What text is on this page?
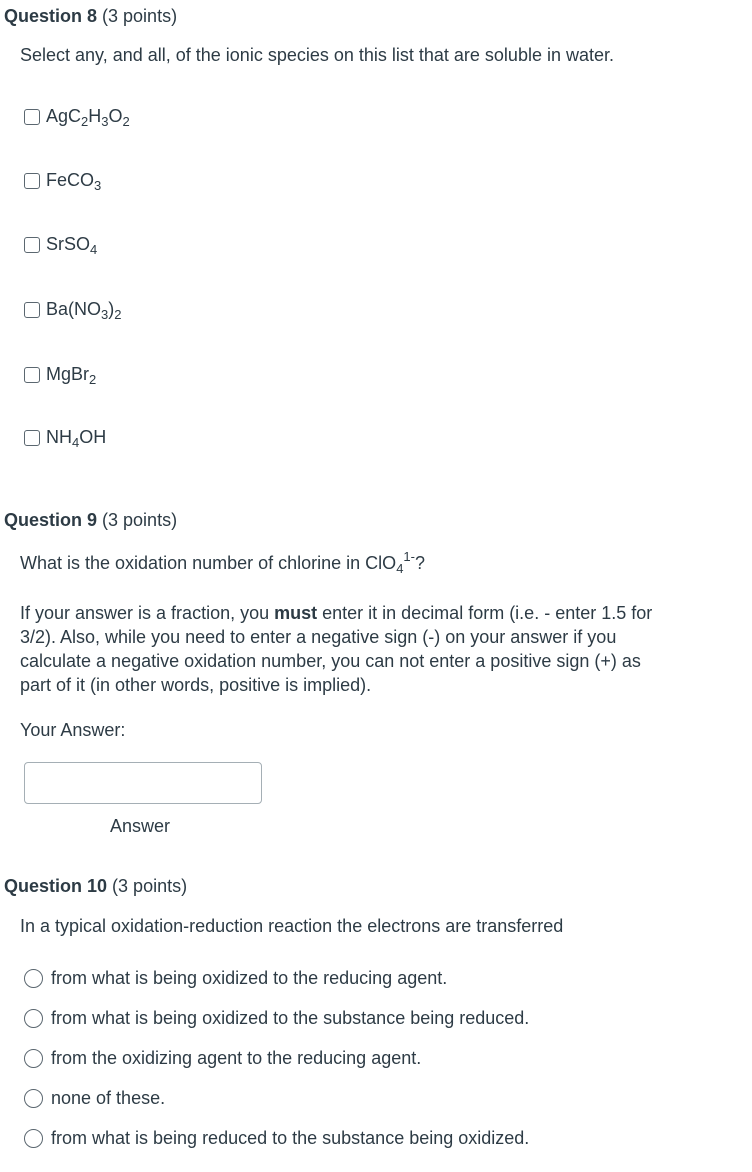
Question 8 (3 points)
Select any, and all, of the ionic species on this list that are soluble in water.
$AgC_2H_3O_2$
FeCO$_3$
SrSO$_4$
$Ba(NO_3)_2$
MgBr$_2$
$NH_4OH$
Question 9 (3 points)
What is the oxidation number of chlorine in ClO$_4^{1-}$?
If your answer is a fraction, you must enter it in decimal form (i.e. - enter 1.5 for
3/2). Also, while you need to enter a negative sign (-) on your answer if you
calculate a negative oxidation number, you can not enter a positive sign (+) as
part of it (in other words, positive is implied).
Your Answer:
Answer
Question 10 (3 points)
In a typical oxidation-reduction reaction the electrons are transferred
from what is being oxidized to the reducing agent.
from what is being oxidized to the substance being reduced.
from the oxidizing agent to the reducing agent.
none of these.
from what is being reduced to the substance being oxidized.
